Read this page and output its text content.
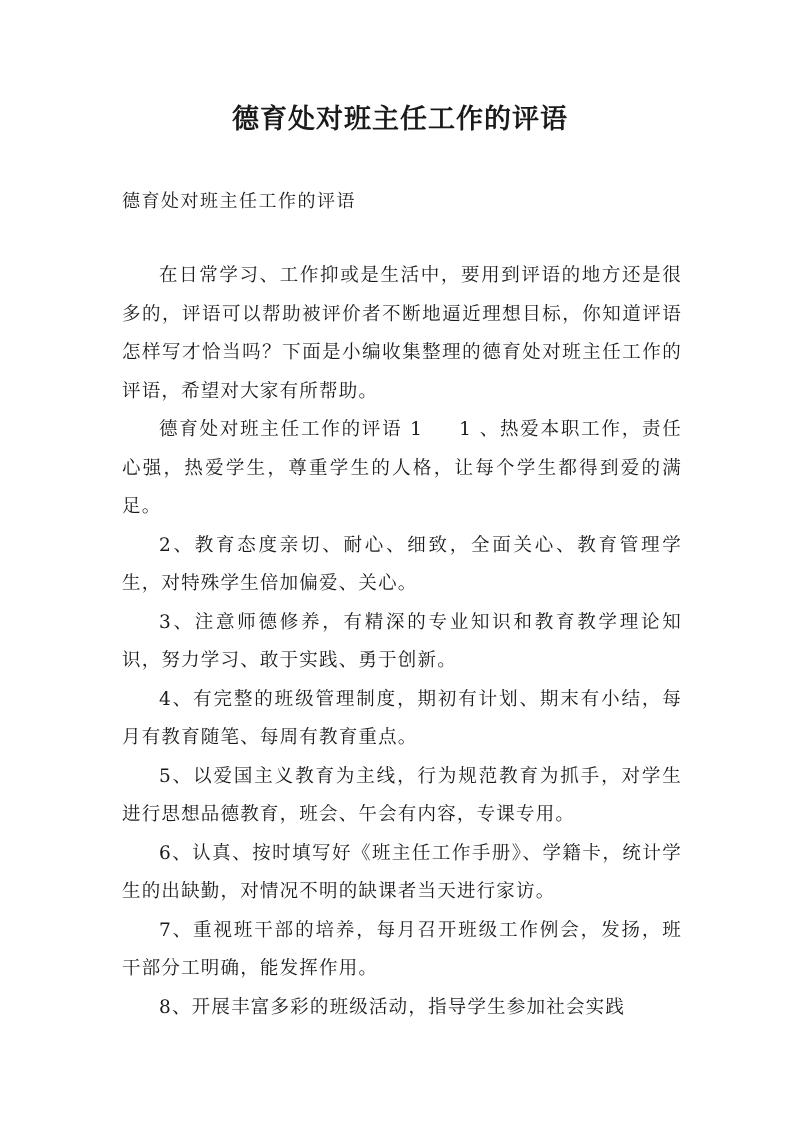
德育处对班主任工作的评语
德育处对班主任工作的评语

在日常学习、工作抑或是生活中，要用到评语的地方还是很多的，评语可以帮助被评价者不断地逼近理想目标，你知道评语怎样写才恰当吗？下面是小编收集整理的德育处对班主任工作的评语，希望对大家有所帮助。

德育处对班主任工作的评语 1 1 、热爱本职工作，责任心强，热爱学生，尊重学生的人格，让每个学生都得到爱的满足。

2、教育态度亲切、耐心、细致，全面关心、教育管理学生，对特殊学生倍加偏爱、关心。

3、注意师德修养，有精深的专业知识和教育教学理论知识，努力学习、敢于实践、勇于创新。

4、有完整的班级管理制度，期初有计划、期末有小结，每月有教育随笔、每周有教育重点。

5、以爱国主义教育为主线，行为规范教育为抓手，对学生进行思想品德教育，班会、午会有内容，专课专用。

6、认真、按时填写好《班主任工作手册》、学籍卡，统计学生的出缺勤，对情况不明的缺课者当天进行家访。

7、重视班干部的培养，每月召开班级工作例会，发扬，班干部分工明确，能发挥作用。

8、开展丰富多彩的班级活动，指导学生参加社会实践
